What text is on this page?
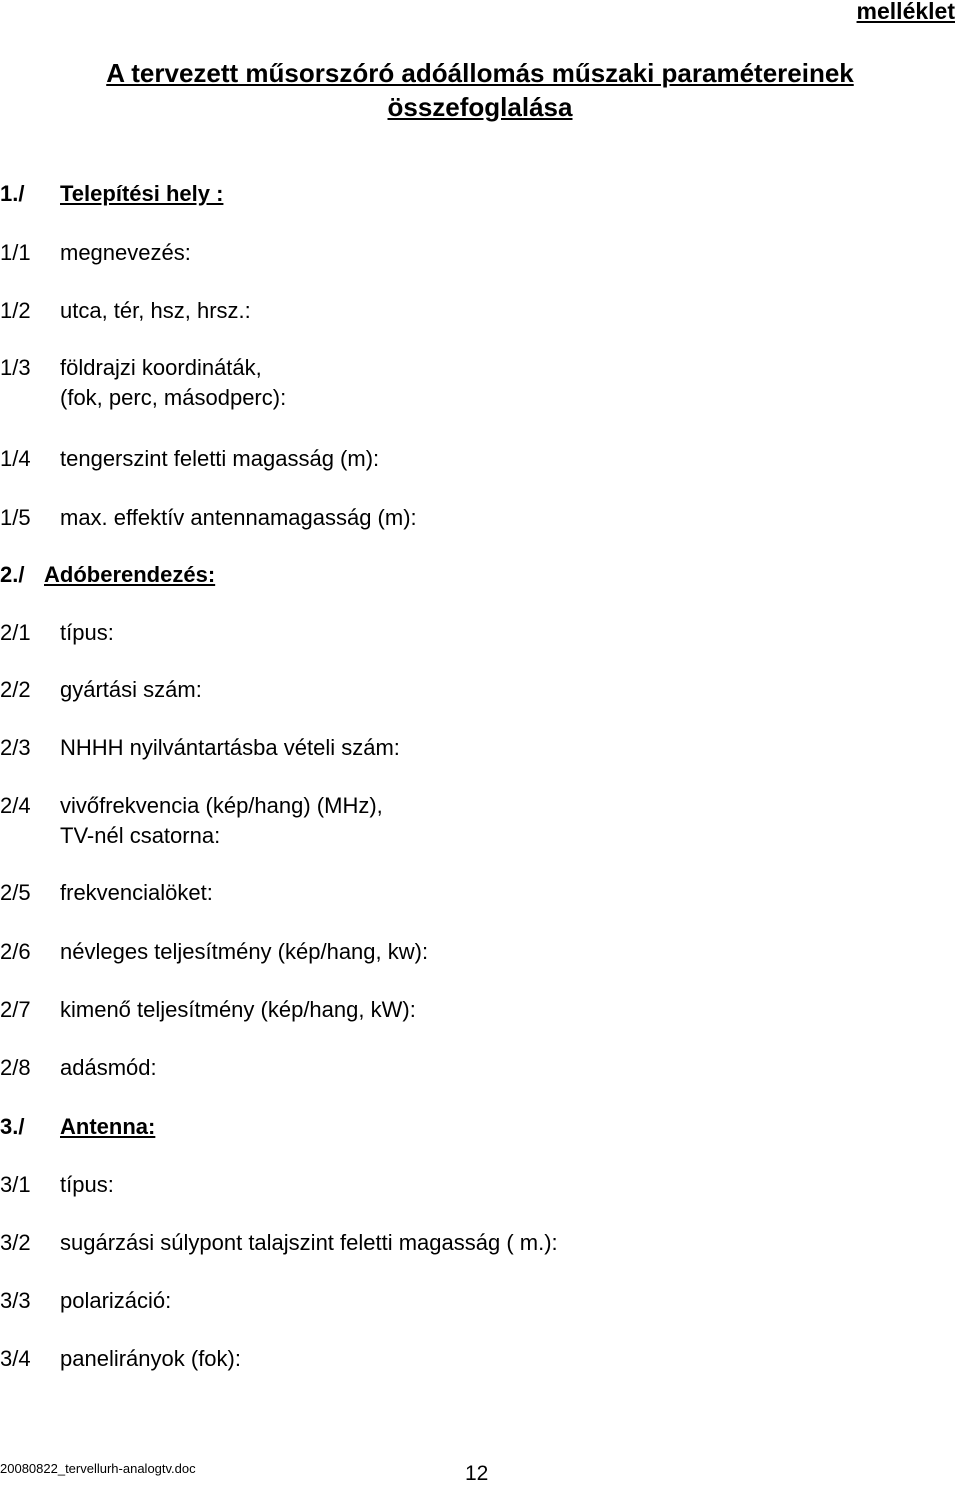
melléklet
A tervezett műsorszóró adóállomás műszaki paramétereinek
összefoglalása
1./ Telepítési hely :
1/1 megnevezés:
1/2 utca, tér, hsz, hrsz.:
1/3 földrajzi koordináták,
(fok, perc, másodperc):
1/4 tengerszint feletti magasság (m):
1/5 max. effektív antennamagasság (m):
2./ Adóberendezés:
2/1 típus:
2/2 gyártási szám:
2/3 NHHH nyilvántartásba vételi szám:
2/4 vivőfrekvencia (kép/hang) (MHz),
TV-nél csatorna:
2/5 frekvencialöket:
2/6 névleges teljesítmény (kép/hang, kw):
2/7 kimenő teljesítmény (kép/hang, kW):
2/8 adásmód:
3./ Antenna:
3/1 típus:
3/2 sugárzási súlypont talajszint feletti magasság ( m.):
3/3 polarizáció:
3/4 panelirányok (fok):
20080822_tervellurh-analogtv.doc	12
